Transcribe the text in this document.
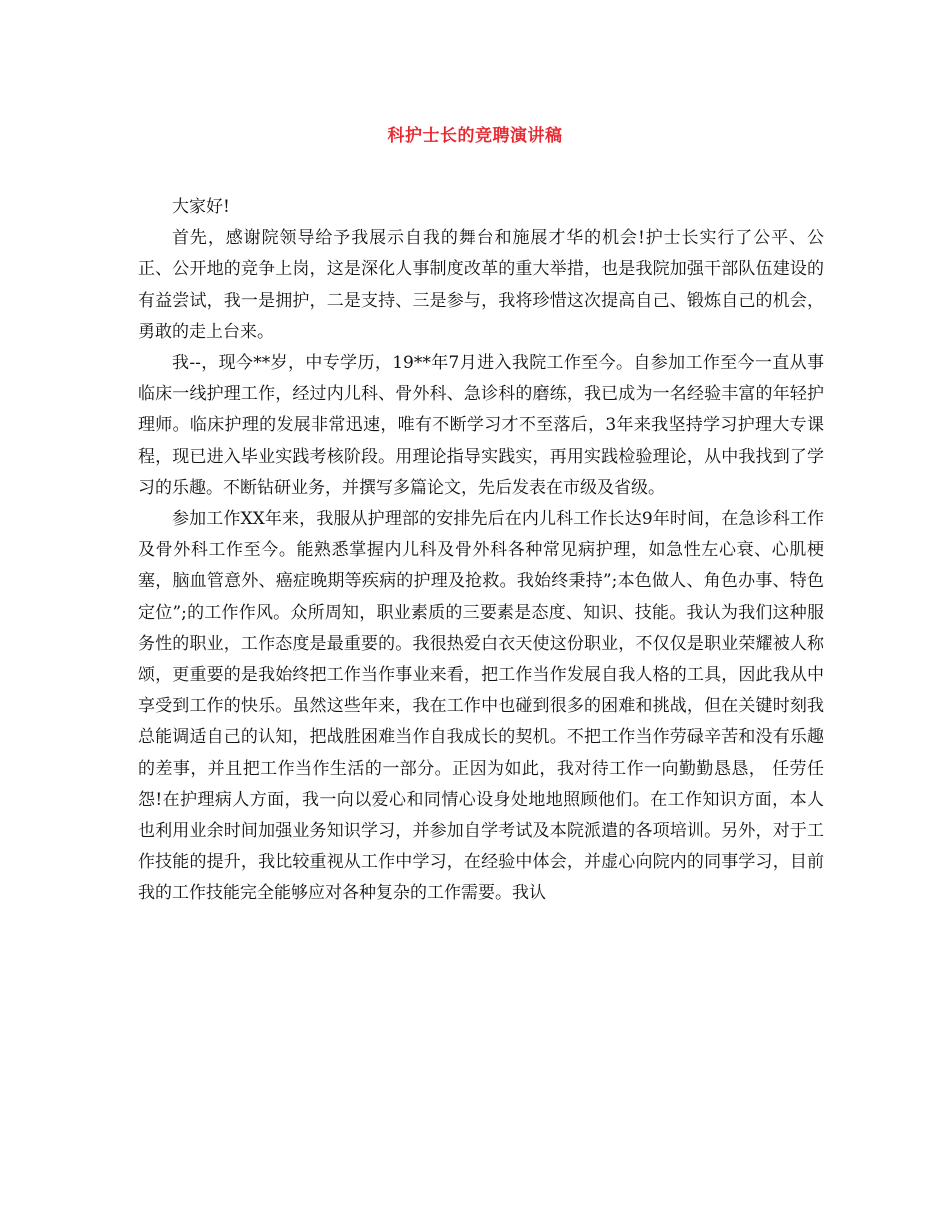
科护士长的竞聘演讲稿

大家好!

首先，感谢院领导给予我展示自我的舞台和施展才华的机会!护士长实行了公平、公正、公开地的竞争上岗，这是深化人事制度改革的重大举措，也是我院加强干部队伍建设的有益尝试，我一是拥护，二是支持、三是参与，我将珍惜这次提高自己、锻炼自己的机会，勇敢的走上台来。

我--，现今**岁，中专学历，19**年7月进入我院工作至今。自参加工作至今一直从事临床一线护理工作，经过内儿科、骨外科、急诊科的磨练，我已成为一名经验丰富的年轻护理师。临床护理的发展非常迅速，唯有不断学习才不至落后，3年来我坚持学习护理大专课程，现已进入毕业实践考核阶段。用理论指导实践实，再用实践检验理论，从中我找到了学习的乐趣。不断钻研业务，并撰写多篇论文，先后发表在市级及省级。

参加工作XX年来，我服从护理部的安排先后在内儿科工作长达9年时间，在急诊科工作及骨外科工作至今。能熟悉掌握内儿科及骨外科各种常见病护理，如急性左心衰、心肌梗塞，脑血管意外、癌症晚期等疾病的护理及抢救。我始终秉持”;本色做人、角色办事、特色定位”;的工作作风。众所周知，职业素质的三要素是态度、知识、技能。我认为我们这种服务性的职业，工作态度是最重要的。我很热爱白衣天使这份职业，不仅仅是职业荣耀被人称颂，更重要的是我始终把工作当作事业来看，把工作当作发展自我人格的工具，因此我从中享受到工作的快乐。虽然这些年来，我在工作中也碰到很多的困难和挑战，但在关键时刻我总能调适自己的认知，把战胜困难当作自我成长的契机。不把工作当作劳碌辛苦和没有乐趣的差事，并且把工作当作生活的一部分。正因为如此，我对待工作一向勤勤恳恳， 任劳任怨!在护理病人方面，我一向以爱心和同情心设身处地地照顾他们。在工作知识方面，本人也利用业余时间加强业务知识学习，并参加自学考试及本院派遣的各项培训。另外，对于工作技能的提升，我比较重视从工作中学习，在经验中体会，并虚心向院内的同事学习，目前我的工作技能完全能够应对各种复杂的工作需要。我认
